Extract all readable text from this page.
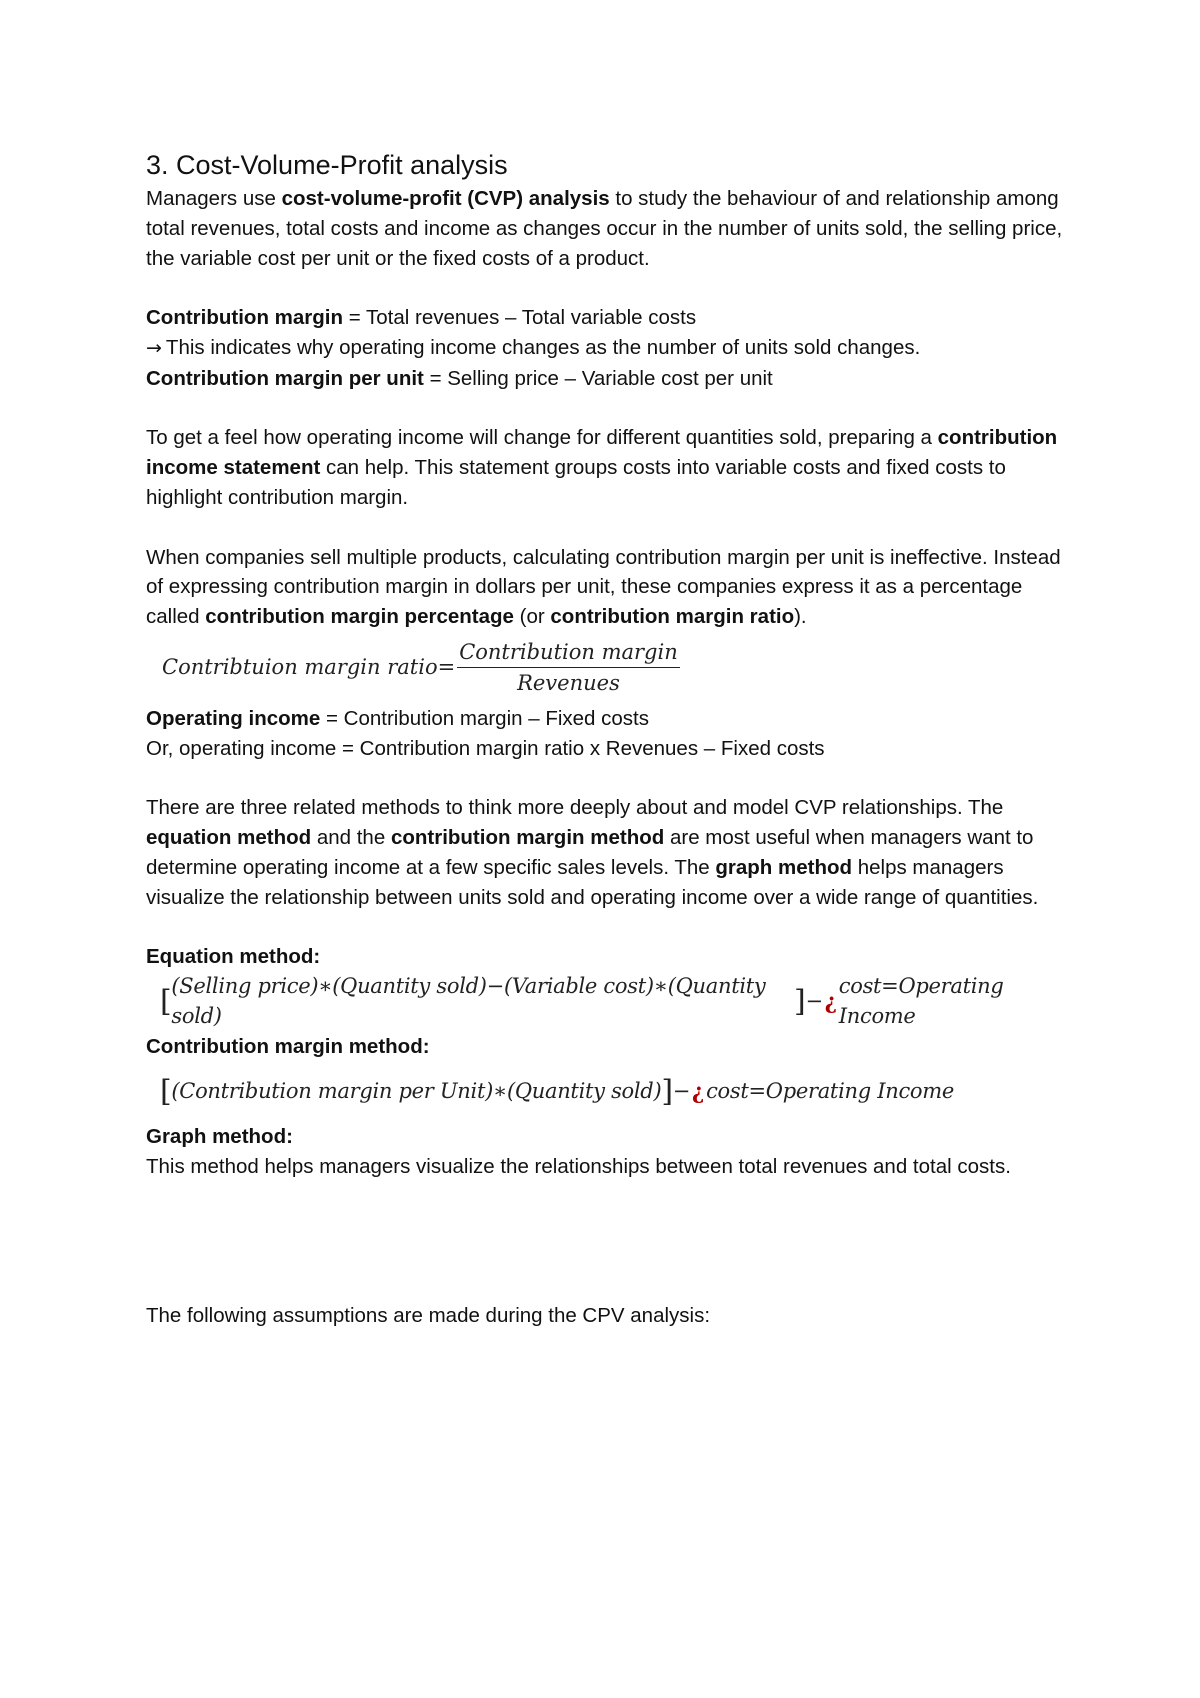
3. Cost-Volume-Profit analysis

Managers use cost-volume-profit (CVP) analysis to study the behaviour of and relationship among total revenues, total costs and income as changes occur in the number of units sold, the selling price, the variable cost per unit or the fixed costs of a product.

Contribution margin = Total revenues – Total variable costs

→ This indicates why operating income changes as the number of units sold changes.

Contribution margin per unit = Selling price – Variable cost per unit

To get a feel how operating income will change for different quantities sold, preparing a contribution income statement can help. This statement groups costs into variable costs and fixed costs to highlight contribution margin.

When companies sell multiple products, calculating contribution margin per unit is ineffective. Instead of expressing contribution margin in dollars per unit, these companies express it as a percentage called contribution margin percentage (or contribution margin ratio).

Contribtuion margin ratio= $\frac{\text{Contribution margin}}{\text{Revenues}}$

Operating income = Contribution margin – Fixed costs

Or, operating income = Contribution margin ratio x Revenues – Fixed costs

There are three related methods to think more deeply about and model CVP relationships. The equation method and the contribution margin method are most useful when managers want to determine operating income at a few specific sales levels. The graph method helps managers visualize the relationship between units sold and operating income over a wide range of quantities.

Equation method:

[ (Selling price)∗(Quantity sold)−(Variable cost)∗(Quantity sold)	] − ¿
cost=Operating Income

Contribution margin method:

[ (Contribution margin per Unit)∗(Quantity sold) ] − ¿ cost=Operating Income

Graph method:

This method helps managers visualize the relationships between total revenues and total costs.

The following assumptions are made during the CPV analysis:
